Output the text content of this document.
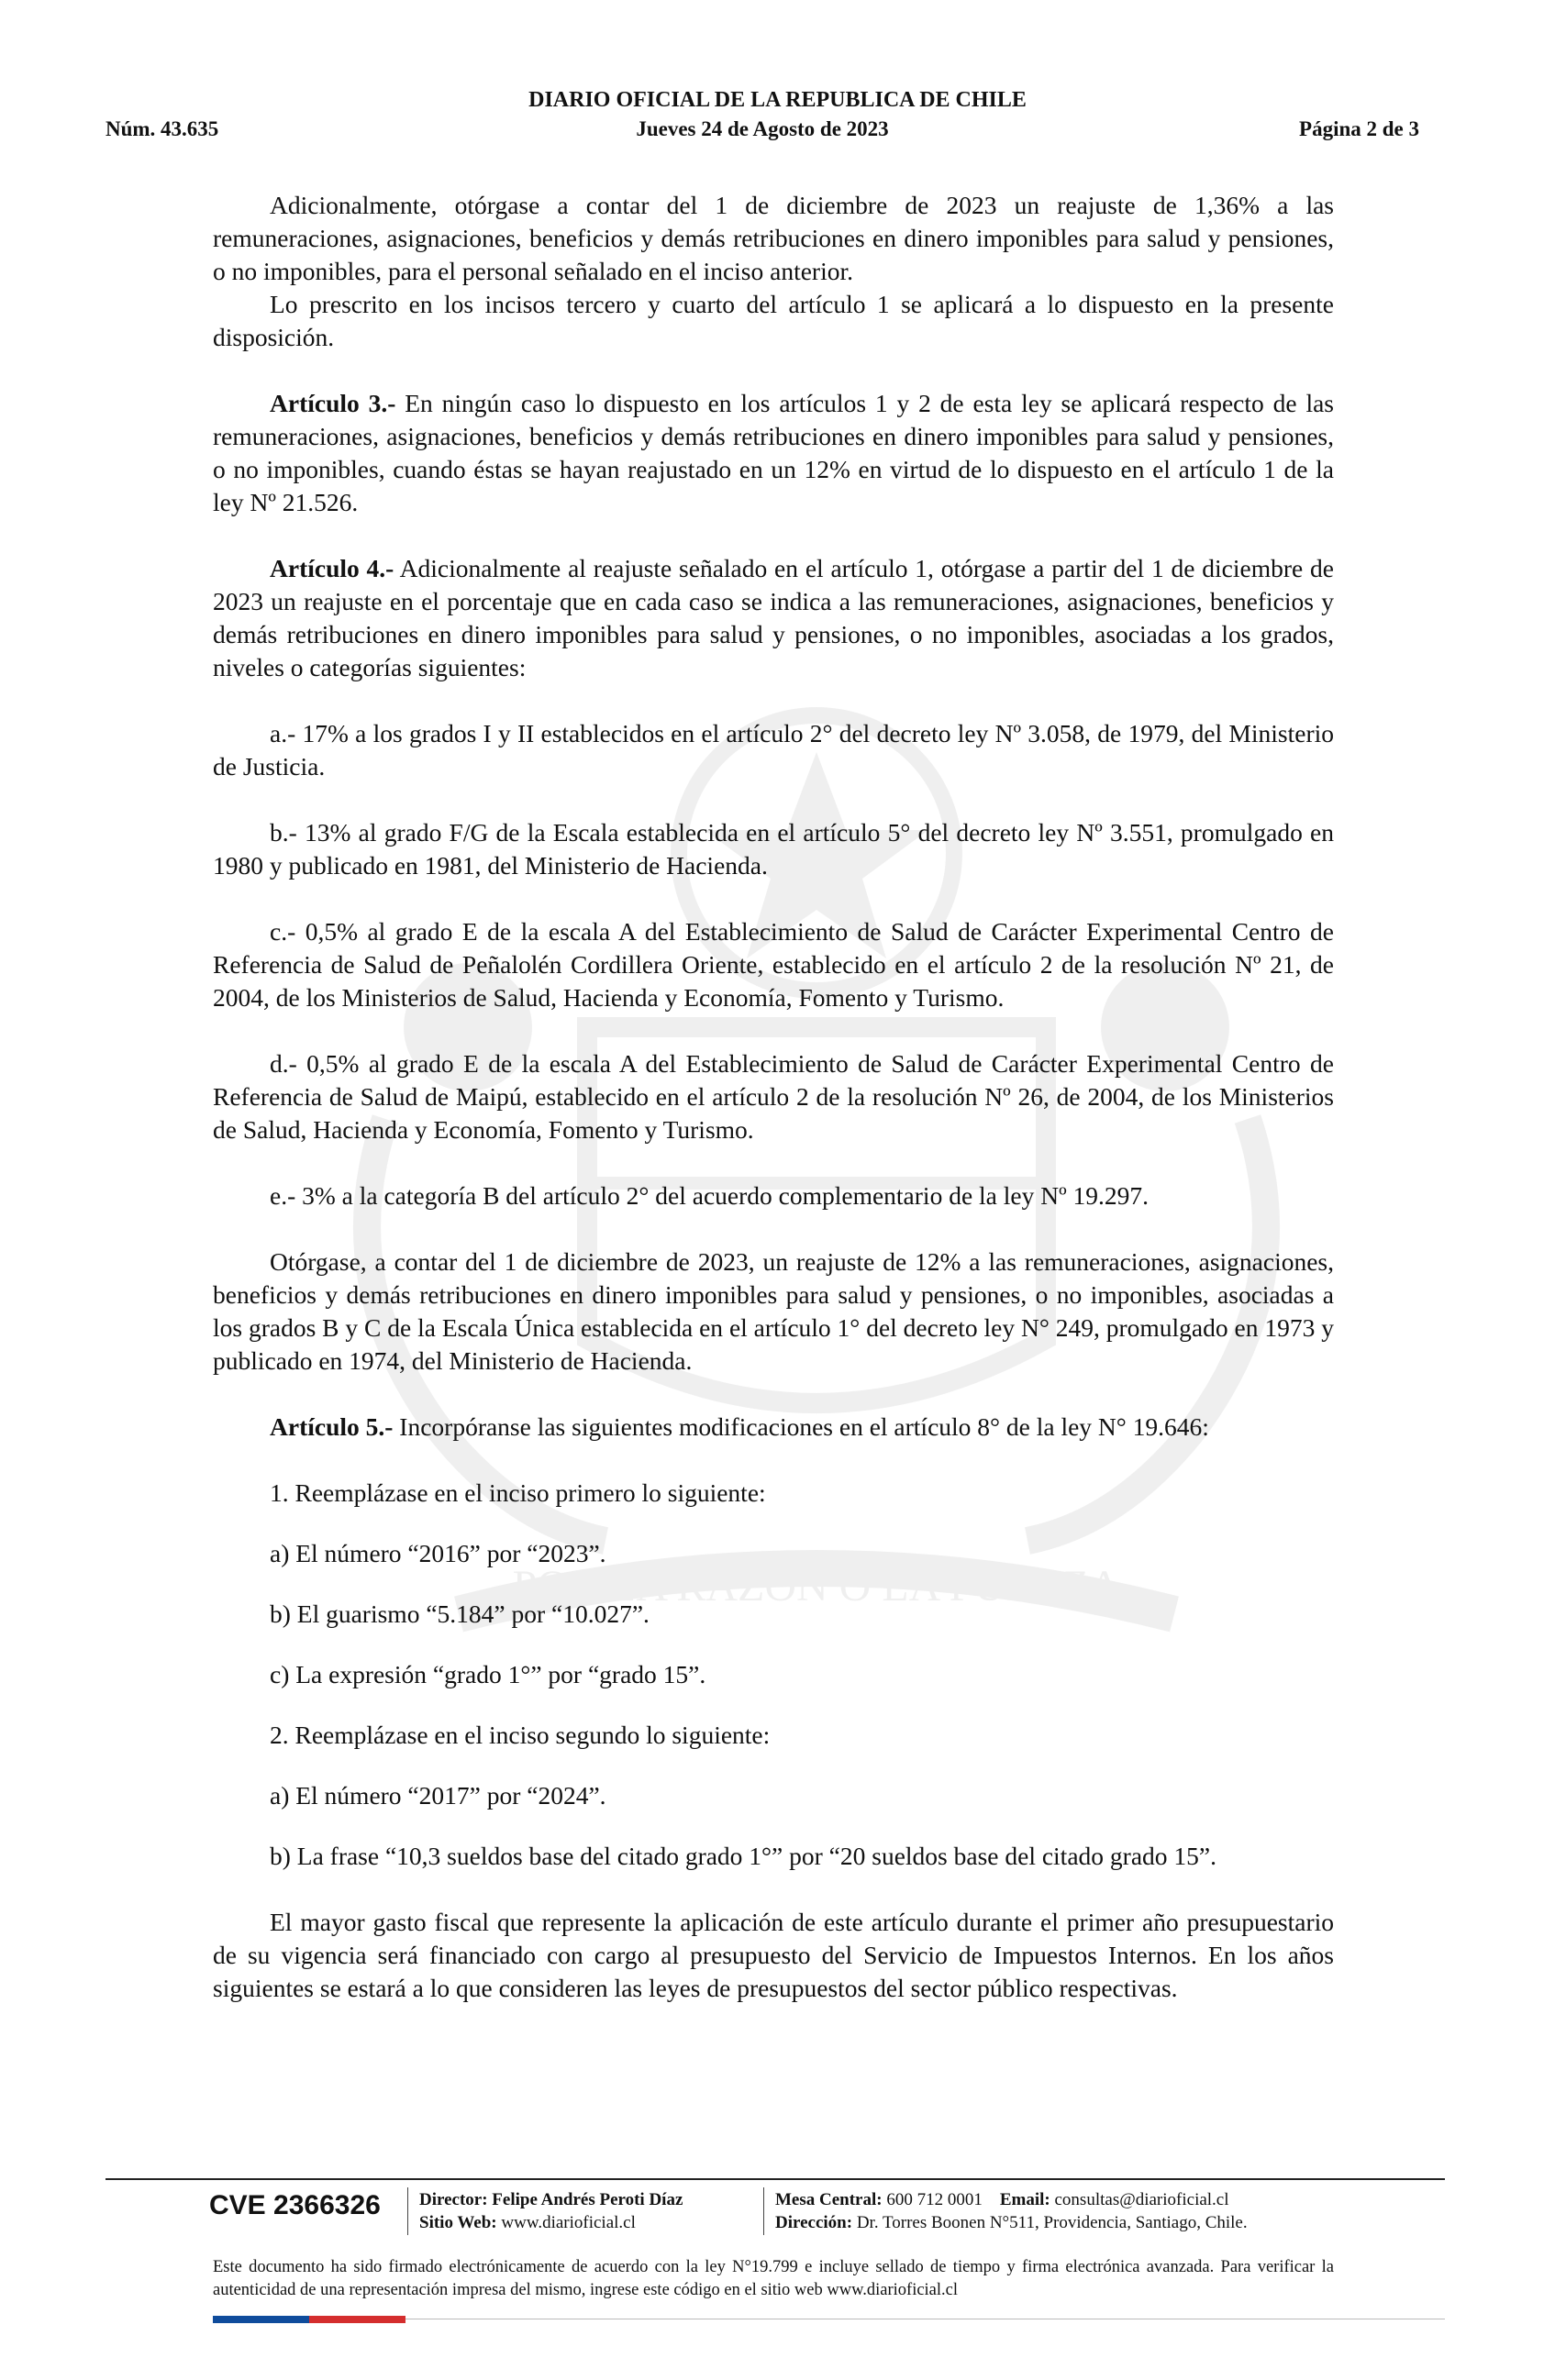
POR LA RAZÓN O LA FUERZA
DIARIO OFICIAL DE LA REPUBLICA DE CHILE
Núm. 43.635	Jueves 24 de Agosto de 2023	Página 2 de 3

Adicionalmente, otórgase a contar del 1 de diciembre de 2023 un reajuste de 1,36% a las remuneraciones, asignaciones, beneficios y demás retribuciones en dinero imponibles para salud y pensiones, o no imponibles, para el personal señalado en el inciso anterior.

Lo prescrito en los incisos tercero y cuarto del artículo 1 se aplicará a lo dispuesto en la presente disposición.

Artículo 3.- En ningún caso lo dispuesto en los artículos 1 y 2 de esta ley se aplicará respecto de las remuneraciones, asignaciones, beneficios y demás retribuciones en dinero imponibles para salud y pensiones, o no imponibles, cuando éstas se hayan reajustado en un 12% en virtud de lo dispuesto en el artículo 1 de la ley Nº 21.526.

Artículo 4.- Adicionalmente al reajuste señalado en el artículo 1, otórgase a partir del 1 de diciembre de 2023 un reajuste en el porcentaje que en cada caso se indica a las remuneraciones, asignaciones, beneficios y demás retribuciones en dinero imponibles para salud y pensiones, o no imponibles, asociadas a los grados, niveles o categorías siguientes:

a.- 17% a los grados I y II establecidos en el artículo 2° del decreto ley Nº 3.058, de 1979, del Ministerio de Justicia.

b.- 13% al grado F/G de la Escala establecida en el artículo 5° del decreto ley Nº 3.551, promulgado en 1980 y publicado en 1981, del Ministerio de Hacienda.

c.- 0,5% al grado E de la escala A del Establecimiento de Salud de Carácter Experimental Centro de Referencia de Salud de Peñalolén Cordillera Oriente, establecido en el artículo 2 de la resolución Nº 21, de 2004, de los Ministerios de Salud, Hacienda y Economía, Fomento y Turismo.

d.- 0,5% al grado E de la escala A del Establecimiento de Salud de Carácter Experimental Centro de Referencia de Salud de Maipú, establecido en el artículo 2 de la resolución Nº 26, de 2004, de los Ministerios de Salud, Hacienda y Economía, Fomento y Turismo.

e.- 3% a la categoría B del artículo 2° del acuerdo complementario de la ley Nº 19.297.

Otórgase, a contar del 1 de diciembre de 2023, un reajuste de 12% a las remuneraciones, asignaciones, beneficios y demás retribuciones en dinero imponibles para salud y pensiones, o no imponibles, asociadas a los grados B y C de la Escala Única establecida en el artículo 1° del decreto ley N° 249, promulgado en 1973 y publicado en 1974, del Ministerio de Hacienda.

Artículo 5.- Incorpóranse las siguientes modificaciones en el artículo 8° de la ley N° 19.646:

1. Reemplázase en el inciso primero lo siguiente:

a) El número “2016” por “2023”.

b) El guarismo “5.184” por “10.027”.

c) La expresión “grado 1°” por “grado 15”.

2. Reemplázase en el inciso segundo lo siguiente:

a) El número “2017” por “2024”.

b) La frase “10,3 sueldos base del citado grado 1°” por “20 sueldos base del citado grado 15”.

El mayor gasto fiscal que represente la aplicación de este artículo durante el primer año presupuestario de su vigencia será financiado con cargo al presupuesto del Servicio de Impuestos Internos. En los años siguientes se estará a lo que consideren las leyes de presupuestos del sector público respectivas.

CVE 2366326 Director: Felipe Andrés Peroti Díaz
Sitio Web: www.diarioficial.cl
Mesa Central: 600 712 0001 Email: consultas@diarioficial.cl
Dirección: Dr. Torres Boonen N°511, Providencia, Santiago, Chile.
Este documento ha sido firmado electrónicamente de acuerdo con la ley N°19.799 e incluye sellado de tiempo y firma electrónica avanzada. Para verificar la autenticidad de una representación impresa del mismo, ingrese este código en el sitio web www.diarioficial.cl
